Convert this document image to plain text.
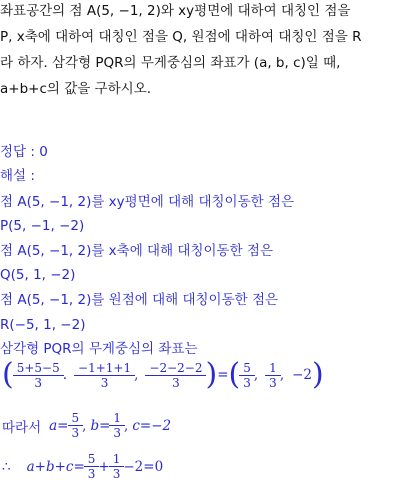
좌표공간의 점 A(5, −1, 2)와 xy평면에 대하여 대칭인 점을
P, x축에 대하여 대칭인 점을 Q, 원점에 대하여 대칭인 점을 R
라 하자. 삼각형 PQR의 무게중심의 좌표가 (a, b, c)일 때,
a+b+c의 값을 구하시오.
정답 : 0
해설 :
점 A(5, −1, 2)를 xy평면에 대해 대칭이동한 점은
P(5, −1, −2)
점 A(5, −1, 2)를 x축에 대해 대칭이동한 점은
Q(5, 1, −2)
점 A(5, −1, 2)를 원점에 대해 대칭이동한 점은
R(−5, 1, −2)
삼각형 PQR의 무게중심의 좌표는
( $\frac{5+5-5}{3}$ . $\frac{-1+1+1}{3}$ , $\frac{-2-2-2}{3}$ ) = ( $\frac{5}{3}$ , $\frac{1}{3}$ , −2 )
따라서 $a= \frac{5}{3}$ , $b= \frac{1}{3}$ , c=−2
∴ $a+b+c= \frac{5}{3} + \frac{1}{3} -2=0$
